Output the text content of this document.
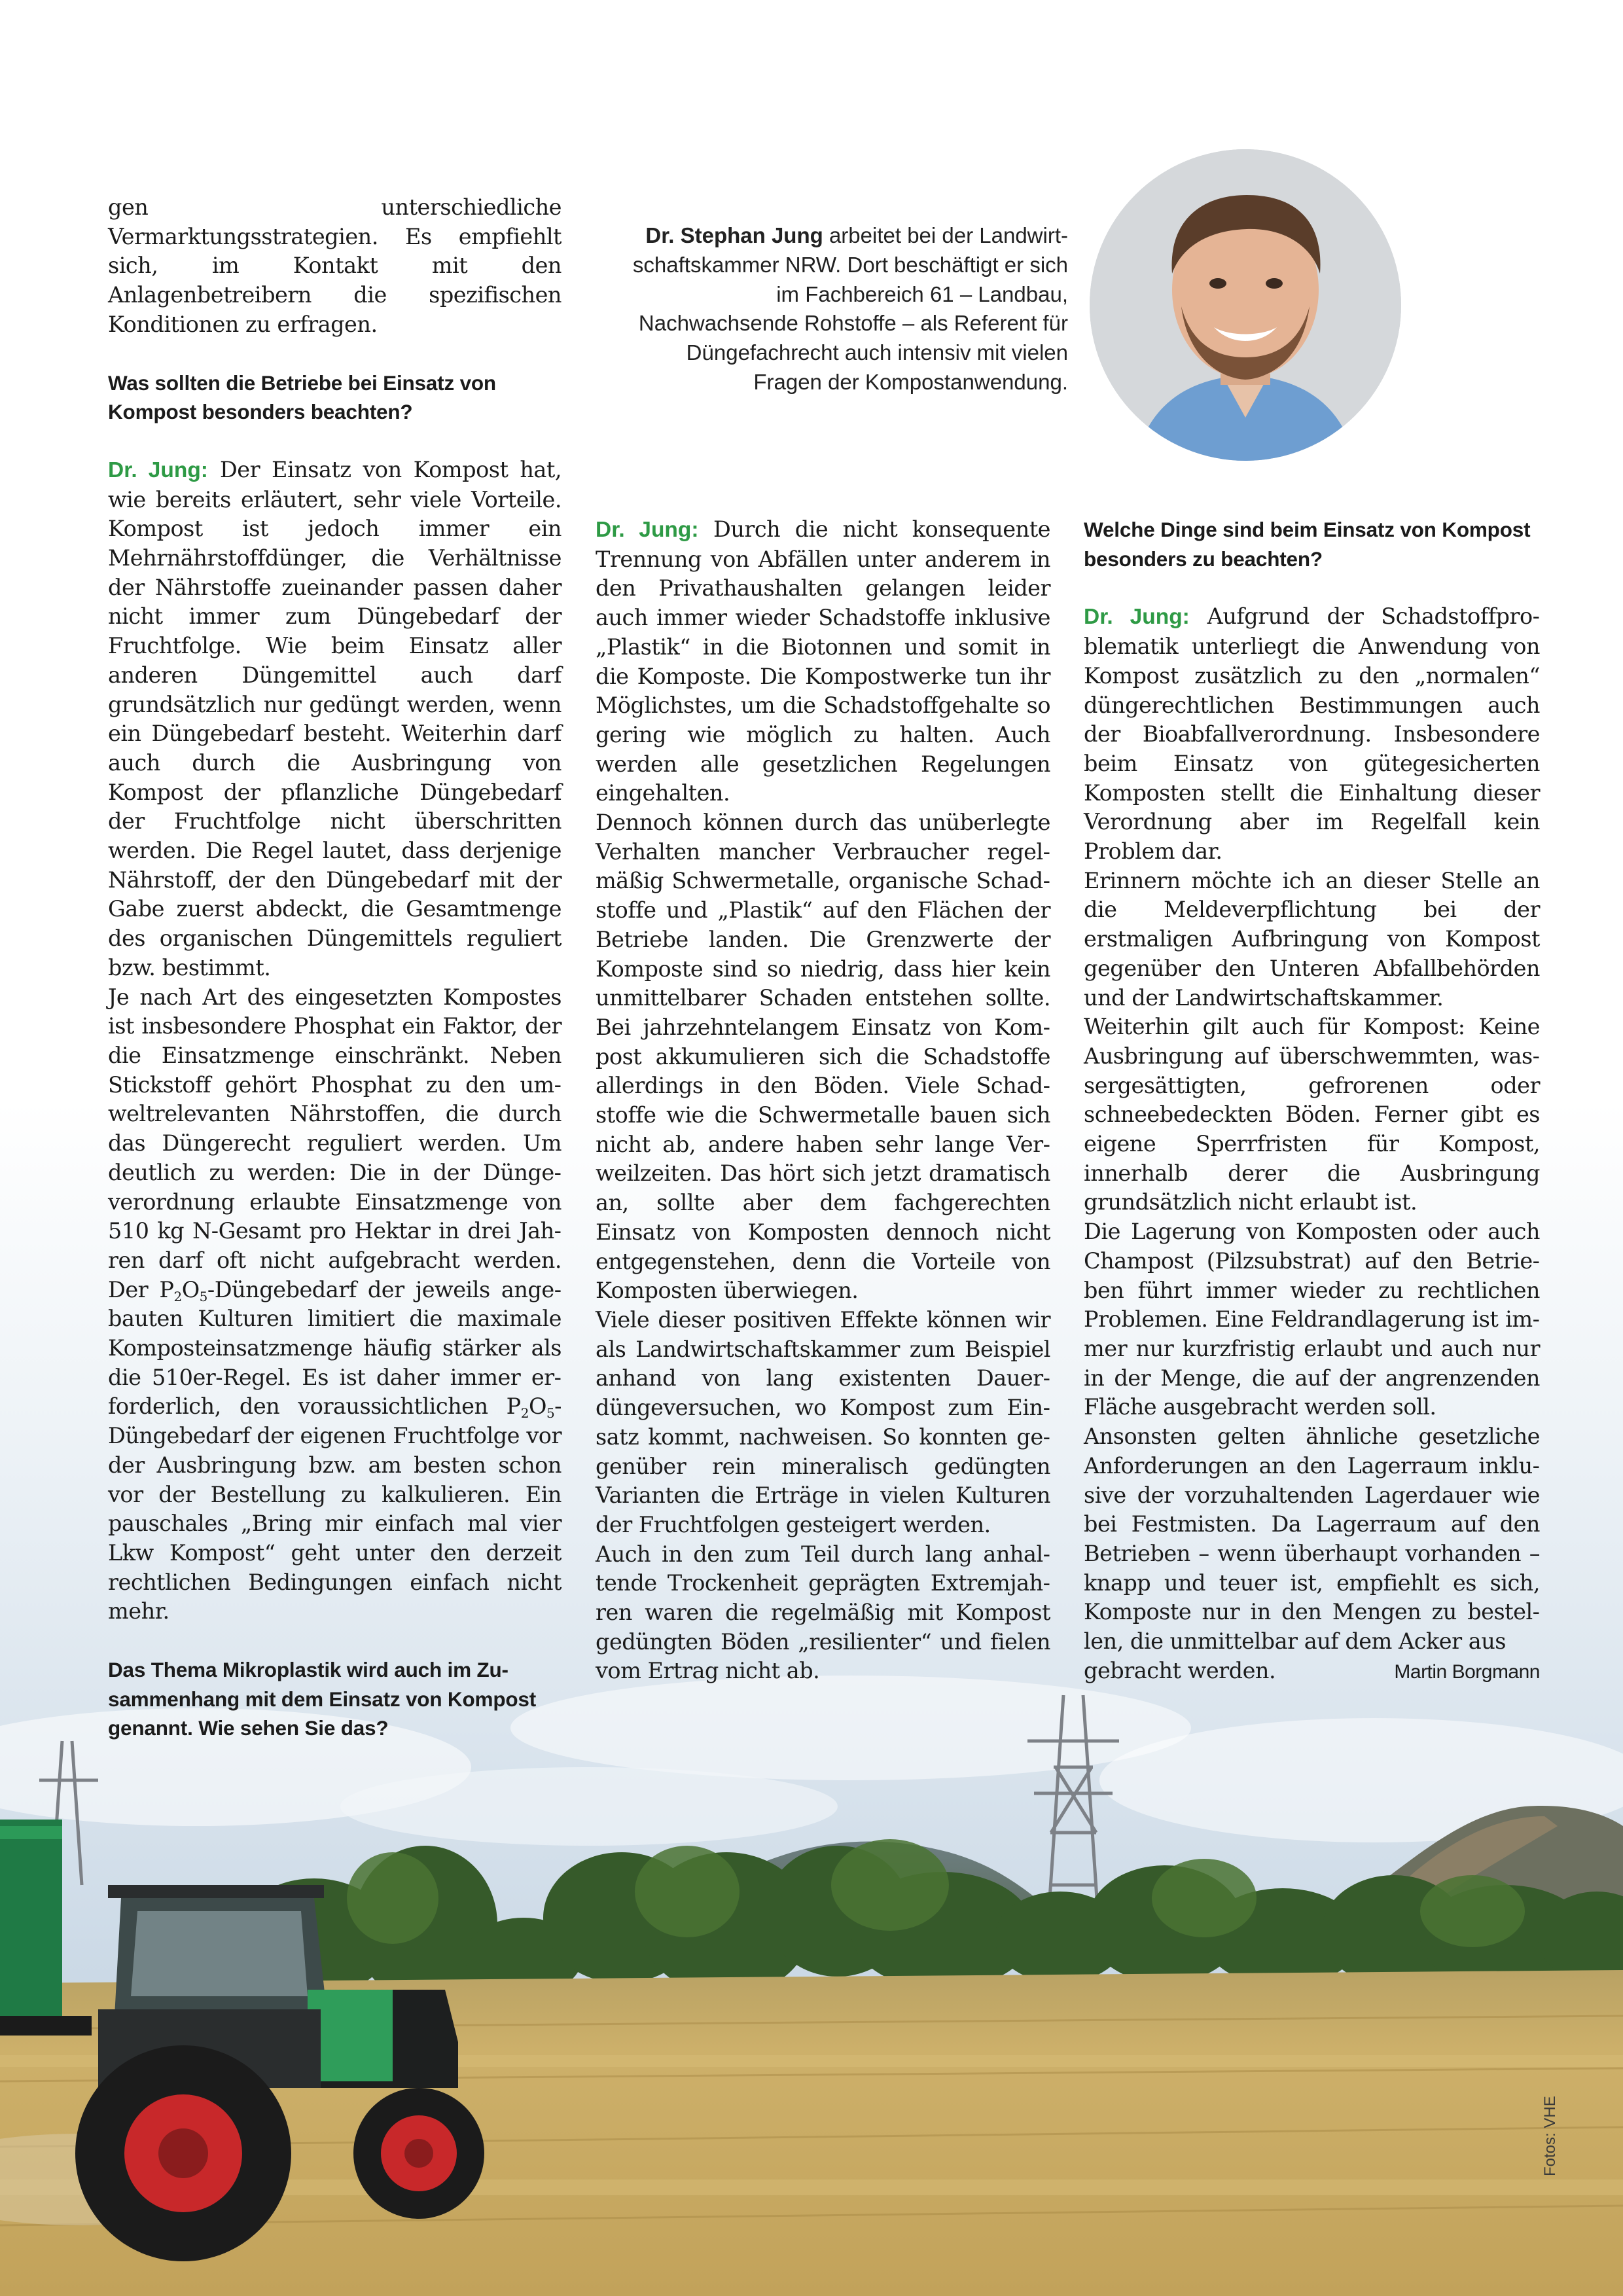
Dr. Stephan Jung arbeitet bei der Landwirtschaftskammer NRW. Dort beschäftigt er sich im Fachbereich 61 – Landbau, Nachwachsende Rohstoffe – als Referent für Düngefachrecht auch intensiv mit vielen Fragen der Kompostanwendung.

gen unterschiedliche Vermarktungsstrategien. Es empfiehlt sich, im Kontakt mit den Anlagenbetreibern die spezifischen Konditionen zu erfragen.

Was sollten die Betriebe bei Einsatz von Kompost besonders beachten?

Dr. Jung: Der Einsatz von Kompost hat, wie bereits erläutert, sehr viele Vorteile. Kompost ist jedoch immer ein Mehrnährstoffdünger, die Verhältnisse der Nährstoffe zueinander passen daher nicht immer zum Düngebedarf der Fruchtfolge. Wie beim Einsatz aller anderen Düngemittel auch darf grundsätzlich nur gedüngt werden, wenn ein Düngebedarf besteht. Weiterhin darf auch durch die Ausbringung von Kompost der pflanzliche Düngebedarf der Fruchtfolge nicht überschritten werden. Die Regel lautet, dass derjenige Nährstoff, der den Düngebedarf mit der Gabe zuerst abdeckt, die Gesamtmenge des organischen Düngemittels reguliert bzw. bestimmt.

Je nach Art des eingesetzten Kompostes ist insbesondere Phosphat ein Faktor, der die Einsatzmenge einschränkt. Neben Stickstoff gehört Phosphat zu den umweltrelevanten Nährstoffen, die durch das Düngerecht reguliert werden. Um deutlich zu werden: Die in der Düngeverordnung erlaubte Einsatzmenge von 510 kg N-Gesamt pro Hektar in drei Jahren darf oft nicht aufgebracht werden. Der $P_2O_5$-Düngebedarf der jeweils angebauten Kulturen limitiert die maximale Komposteinsatzmenge häufig stärker als die 510er-Regel. Es ist daher immer erforderlich, den voraussichtlichen $P_2O_5$-Düngebedarf der eigenen Fruchtfolge vor der Ausbringung bzw. am besten schon vor der Bestellung zu kalkulieren. Ein pauschales „Bring mir einfach mal vier Lkw Kompost“ geht unter den derzeit rechtlichen Bedingungen einfach nicht mehr.

Das Thema Mikroplastik wird auch im Zusammenhang mit dem Einsatz von Kompost genannt. Wie sehen Sie das?

Dr. Jung: Durch die nicht konsequente Trennung von Abfällen unter anderem in den Privathaushalten gelangen leider auch immer wieder Schadstoffe inklusive „Plastik“ in die Biotonnen und somit in die Komposte. Die Kompostwerke tun ihr Möglichstes, um die Schadstoffgehalte so gering wie möglich zu halten. Auch werden alle gesetzlichen Regelungen eingehalten.

Dennoch können durch das unüberlegte Verhalten mancher Verbraucher regelmäßig Schwermetalle, organische Schadstoffe und „Plastik“ auf den Flächen der Betriebe landen. Die Grenzwerte der Komposte sind so niedrig, dass hier kein unmittelbarer Schaden entstehen sollte. Bei jahrzehntelangem Einsatz von Kompost akkumulieren sich die Schadstoffe allerdings in den Böden. Viele Schadstoffe wie die Schwermetalle bauen sich nicht ab, andere haben sehr lange Verweilzeiten. Das hört sich jetzt dramatisch an, sollte aber dem fachgerechten Einsatz von Komposten dennoch nicht entgegenstehen, denn die Vorteile von Komposten überwiegen.

Viele dieser positiven Effekte können wir als Landwirtschaftskammer zum Beispiel anhand von lang existenten Dauerdüngeversuchen, wo Kompost zum Einsatz kommt, nachweisen. So konnten gegenüber rein mineralisch gedüngten Varianten die Erträge in vielen Kulturen der Fruchtfolgen gesteigert werden.

Auch in den zum Teil durch lang anhaltende Trockenheit geprägten Extremjahren waren die regelmäßig mit Kompost gedüngten Böden „resilienter“ und fielen vom Ertrag nicht ab.

Welche Dinge sind beim Einsatz von Kompost besonders zu beachten?

Dr. Jung: Aufgrund der Schadstoffproblematik unterliegt die Anwendung von Kompost zusätzlich zu den „normalen“ düngerechtlichen Bestimmungen auch der Bioabfallverordnung. Insbesondere beim Einsatz von gütegesicherten Komposten stellt die Einhaltung dieser Verordnung aber im Regelfall kein Problem dar.

Erinnern möchte ich an dieser Stelle an die Meldeverpflichtung bei der erstmaligen Aufbringung von Kompost gegenüber den Unteren Abfallbehörden und der Landwirtschaftskammer.

Weiterhin gilt auch für Kompost: Keine Ausbringung auf überschwemmten, wassergesättigten, gefrorenen oder schneebedeckten Böden. Ferner gibt es eigene Sperrfristen für Kompost, innerhalb derer die Ausbringung grundsätzlich nicht erlaubt ist.

Die Lagerung von Komposten oder auch Champost (Pilzsubstrat) auf den Betrieben führt immer wieder zu rechtlichen Problemen. Eine Feldrandlagerung ist immer nur kurzfristig erlaubt und auch nur in der Menge, die auf der angrenzenden Fläche ausgebracht werden soll.

Ansonsten gelten ähnliche gesetzliche Anforderungen an den Lagerraum inklusive der vorzuhaltenden Lagerdauer wie bei Festmisten. Da Lagerraum auf den Betrieben – wenn überhaupt vorhanden – knapp und teuer ist, empfiehlt es sich, Komposte nur in den Mengen zu bestellen, die unmittelbar auf dem Acker aus

gebracht werden.	Martin Borgmann
Fotos: VHE
